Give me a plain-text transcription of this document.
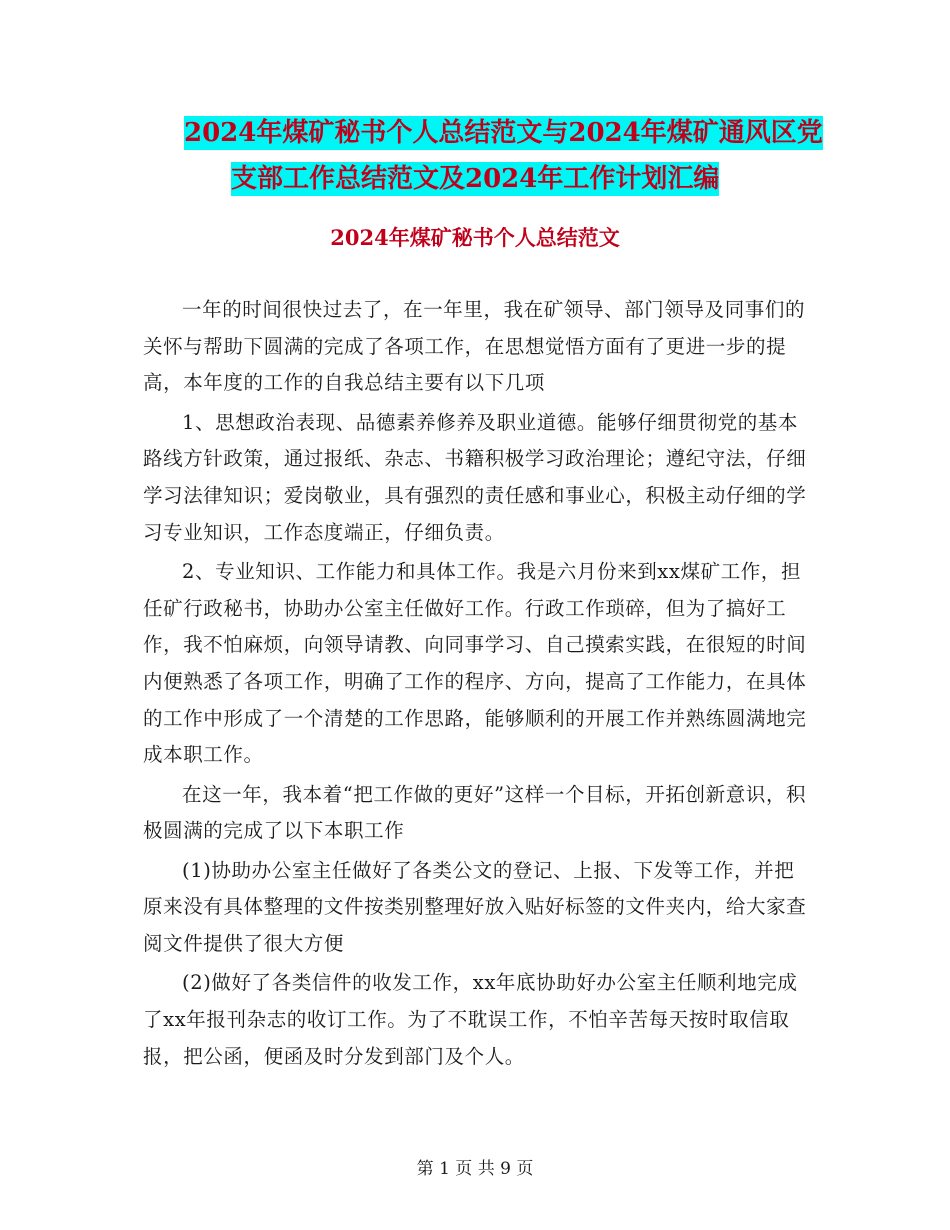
2024年煤矿秘书个人总结范文与2024年煤矿通风区党
支部工作总结范文及2024年工作计划汇编
2024年煤矿秘书个人总结范文

一年的时间很快过去了，在一年里，我在矿领导、部门领导及同事们的关怀与帮助下圆满的完成了各项工作，在思想觉悟方面有了更进一步的提高，本年度的工作的自我总结主要有以下几项

1、思想政治表现、品德素养修养及职业道德。能够仔细贯彻党的基本路线方针政策，通过报纸、杂志、书籍积极学习政治理论；遵纪守法，仔细学习法律知识；爱岗敬业，具有强烈的责任感和事业心，积极主动仔细的学习专业知识，工作态度端正，仔细负责。

2、专业知识、工作能力和具体工作。我是六月份来到xx煤矿工作，担任矿行政秘书，协助办公室主任做好工作。行政工作琐碎，但为了搞好工作，我不怕麻烦，向领导请教、向同事学习、自己摸索实践，在很短的时间内便熟悉了各项工作，明确了工作的程序、方向，提高了工作能力，在具体的工作中形成了一个清楚的工作思路，能够顺利的开展工作并熟练圆满地完成本职工作。

在这一年，我本着“把工作做的更好”这样一个目标，开拓创新意识，积极圆满的完成了以下本职工作

(1)协助办公室主任做好了各类公文的登记、上报、下发等工作，并把原来没有具体整理的文件按类别整理好放入贴好标签的文件夹内，给大家查阅文件提供了很大方便

(2)做好了各类信件的收发工作，xx年底协助好办公室主任顺利地完成了xx年报刊杂志的收订工作。为了不耽误工作，不怕辛苦每天按时取信取报，把公函，便函及时分发到部门及个人。

第 1 页 共 9 页
